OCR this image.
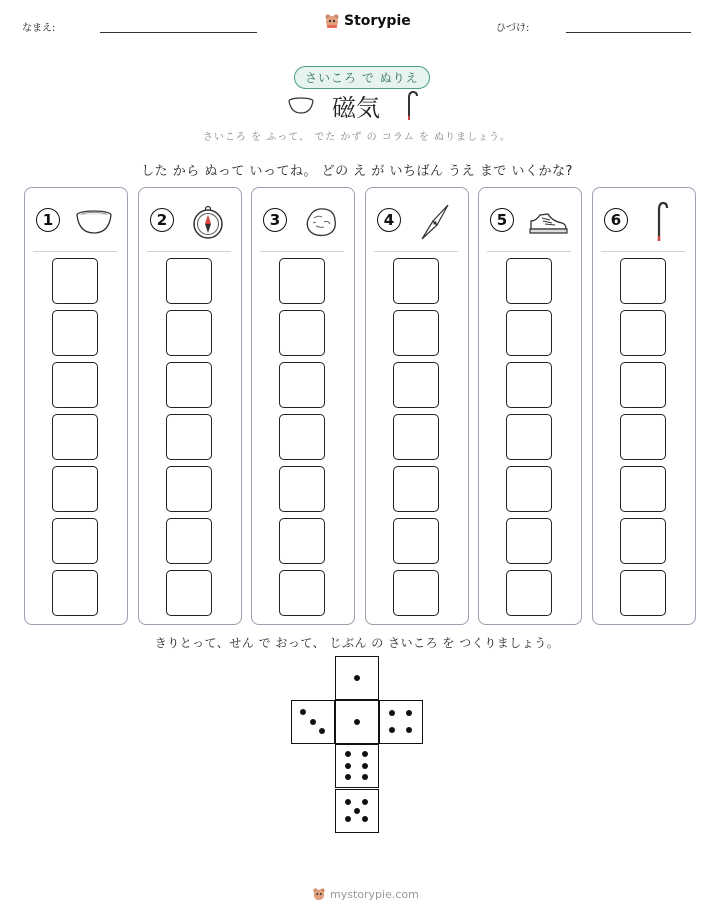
なまえ:	Storypie	ひづけ:
さいころ で ぬりえ
磁気
さいころ を ふって、 でた かず の コラム を ぬりましょう。
した から ぬって いってね。 どの え が いちばん うえ まで いくかな?
1	2	3	4	5	6
きりとって、せん で おって、 じぶん の さいころ を つくりましょう。
mystorypie.com
